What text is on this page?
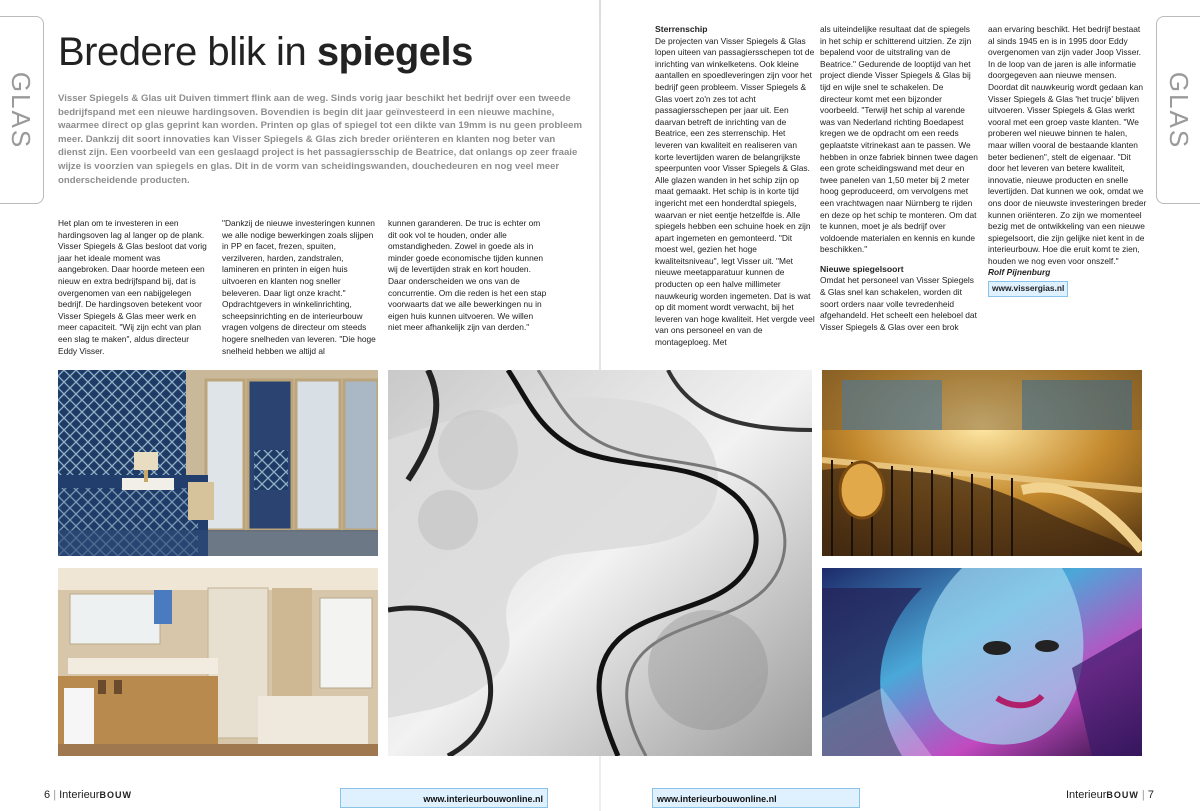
GLAS	GLAS
Bredere blik in spiegels

Visser Spiegels & Glas uit Duiven timmert flink aan de weg. Sinds vorig jaar beschikt het bedrijf over een tweede bedrijfspand met een nieuwe hardingsoven. Bovendien is begin dit jaar geïnvesteerd in een nieuwe machine, waarmee direct op glas geprint kan worden. Printen op glas of spiegel tot een dikte van 19mm is nu geen probleem meer. Dankzij dit soort innovaties kan Visser Spiegels & Glas zich breder oriënteren en klanten nog beter van dienst zijn. Een voorbeeld van een geslaagd project is het passagiersschip de Beatrice, dat onlangs op zeer fraaie wijze is voorzien van spiegels en glas. Dit in de vorm van scheidingswanden, douchedeuren en nog veel meer onderscheidende producten.

Het plan om te investeren in een hardingsoven lag al langer op de plank. Visser Spiegels & Glas besloot dat vorig jaar het ideale moment was aangebroken. Daar hoorde meteen een nieuw en extra bedrijfspand bij, dat is overgenomen van een nabijgelegen bedrijf. De hardingsoven betekent voor Visser Spiegels & Glas meer werk en meer capaciteit. "Wij zijn echt van plan een slag te maken", aldus directeur Eddy Visser.

"Dankzij de nieuwe investeringen kunnen we alle nodige bewerkingen zoals slijpen in PP en facet, frezen, spuiten, verzilveren, harden, zandstralen, lamineren en printen in eigen huis uitvoeren en klanten nog sneller beleveren. Daar ligt onze kracht." Opdrachtgevers in winkelinrichting, scheepsinrichting en de interieurbouw vragen volgens de directeur om steeds hogere snelheden van leveren. "Die hoge snelheid hebben we altijd al

kunnen garanderen. De truc is echter om dit ook vol te houden, onder alle omstandigheden. Zowel in goede als in minder goede economische tijden kunnen wij de levertijden strak en kort houden. Daar onderscheiden we ons van de concurrentie. Om die reden is het een stap voorwaarts dat we alle bewerkingen nu in eigen huis kunnen uitvoeren. We willen niet meer afhankelijk zijn van derden."

Sterrenschip

De projecten van Visser Spiegels & Glas lopen uiteen van passagiersschepen tot de inrichting van winkelketens. Ook kleine aantallen en spoedleveringen zijn voor het bedrijf geen probleem. Visser Spiegels & Glas voert zo'n zes tot acht passagiersschepen per jaar uit. Een daarvan betreft de inrichting van de Beatrice, een zes sterrenschip. Het leveren van kwaliteit en realiseren van korte levertijden waren de belangrijkste speerpunten voor Visser Spiegels & Glas. Alle glazen wanden in het schip zijn op maat gemaakt. Het schip is in korte tijd ingericht met een honderdtal spiegels, waarvan er niet eentje hetzelfde is. Alle spiegels hebben een schuine hoek en zijn apart ingemeten en gemonteerd. "Dit moest wel, gezien het hoge kwaliteitsniveau", legt Visser uit. "Met nieuwe meetapparatuur kunnen de producten op een halve millimeter nauwkeurig worden ingemeten. Dat is wat op dit moment wordt verwacht, bij het leveren van hoge kwaliteit. Het vergde veel van ons personeel en van de montageploeg. Met

als uiteindelijke resultaat dat de spiegels in het schip er schitterend uitzien. Ze zijn bepalend voor de uitstraling van de Beatrice." Gedurende de looptijd van het project diende Visser Spiegels & Glas bij tijd en wijle snel te schakelen. De directeur komt met een bijzonder voorbeeld. "Terwijl het schip al varende was van Nederland richting Boedapest kregen we de opdracht om een reeds geplaatste vitrinekast aan te passen. We hebben in onze fabriek binnen twee dagen een grote scheidingswand met deur en twee panelen van 1,50 meter bij 2 meter hoog geproduceerd, om vervolgens met een vrachtwagen naar Nürnberg te rijden en deze op het schip te monteren. Om dat te kunnen, moet je als bedrijf over voldoende materialen en kennis en kunde beschikken."

Nieuwe spiegelsoort

Omdat het personeel van Visser Spiegels & Glas snel kan schakelen, worden dit soort orders naar volle tevredenheid afgehandeld. Het scheelt een heleboel dat Visser Spiegels & Glas over een brok

aan ervaring beschikt. Het bedrijf bestaat al sinds 1945 en is in 1995 door Eddy overgenomen van zijn vader Joop Visser. In de loop van de jaren is alle informatie doorgegeven aan nieuwe mensen. Doordat dit nauwkeurig wordt gedaan kan Visser Spiegels & Glas 'het trucje' blijven uitvoeren. Visser Spiegels & Glas werkt vooral met een groep vaste klanten. "We proberen wel nieuwe binnen te halen, maar willen vooral de bestaande klanten beter bedienen", stelt de eigenaar. "Dit door het leveren van betere kwaliteit, innovatie, nieuwe producten en snelle levertijden. Dat kunnen we ook, omdat we ons door de nieuwste investeringen breder kunnen oriënteren. Zo zijn we momenteel bezig met de ontwikkeling van een nieuwe spiegelsoort, die zijn gelijke niet kent in de interieurbouw. Hoe die eruit komt te zien, houden we nog even voor onszelf."

Rolf Pijnenburg

www.vissergias.nl
6 | InterieurBOUW	www.interieurbouwonline.nl	www.interieurbouwonline.nl	InterieurBOUW | 7
